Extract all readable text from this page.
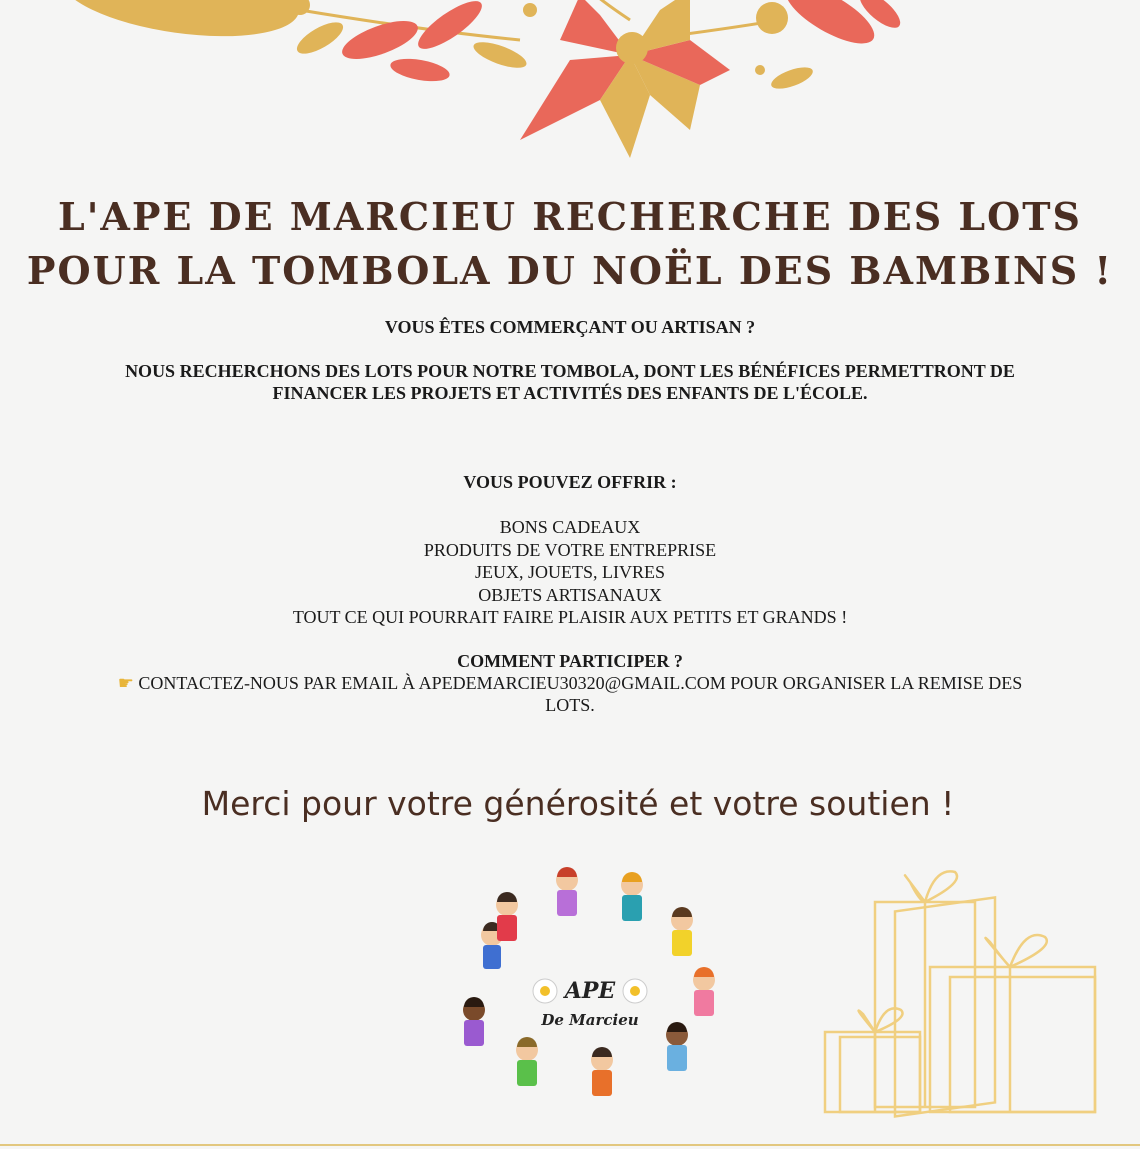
L'APE DE MARCIEU RECHERCHE DES LOTS
POUR LA TOMBOLA DU NOËL DES BAMBINS !
VOUS ÊTES COMMERÇANT OU ARTISAN ?
NOUS RECHERCHONS DES LOTS POUR NOTRE TOMBOLA, DONT LES BÉNÉFICES PERMETTRONT DE FINANCER LES PROJETS ET ACTIVITÉS DES ENFANTS DE L'ÉCOLE.
VOUS POUVEZ OFFRIR :
BONS CADEAUX
PRODUITS DE VOTRE ENTREPRISE
JEUX, JOUETS, LIVRES
OBJETS ARTISANAUX
TOUT CE QUI POURRAIT FAIRE PLAISIR AUX PETITS ET GRANDS !
COMMENT PARTICIPER ?
☛ CONTACTEZ-NOUS PAR EMAIL À APEDEMARCIEU30320@GMAIL.COM POUR ORGANISER LA REMISE DES LOTS.
Merci pour votre générosité et votre soutien !
APE
De Marcieu
